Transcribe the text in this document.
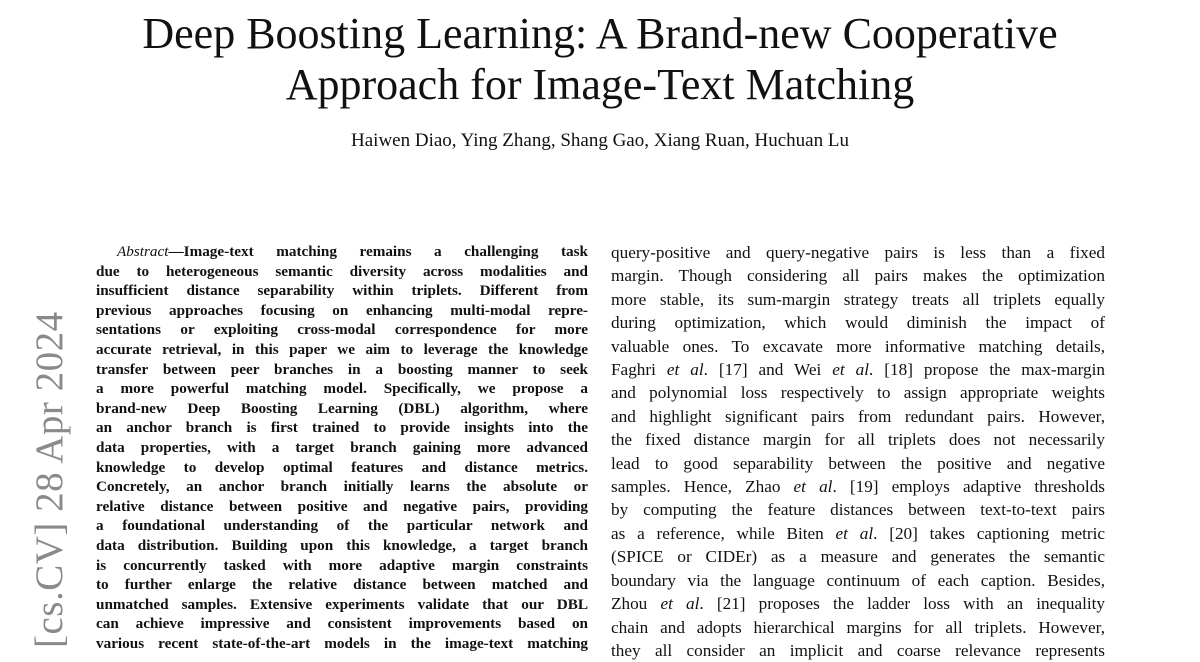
Deep Boosting Learning: A Brand-new Cooperative
Approach for Image-Text Matching
Haiwen Diao, Ying Zhang, Shang Gao, Xiang Ruan, Huchuan Lu
[cs.CV] 28 Apr 2024
Abstract—Image-text matching remains a challenging task
due to heterogeneous semantic diversity across modalities and
insufficient distance separability within triplets. Different from
previous approaches focusing on enhancing multi-modal repre-
sentations or exploiting cross-modal correspondence for more
accurate retrieval, in this paper we aim to leverage the knowledge
transfer between peer branches in a boosting manner to seek
a more powerful matching model. Specifically, we propose a
brand-new Deep Boosting Learning (DBL) algorithm, where
an anchor branch is first trained to provide insights into the
data properties, with a target branch gaining more advanced
knowledge to develop optimal features and distance metrics.
Concretely, an anchor branch initially learns the absolute or
relative distance between positive and negative pairs, providing
a foundational understanding of the particular network and
data distribution. Building upon this knowledge, a target branch
is concurrently tasked with more adaptive margin constraints
to further enlarge the relative distance between matched and
unmatched samples. Extensive experiments validate that our DBL
can achieve impressive and consistent improvements based on
various recent state-of-the-art models in the image-text matching
query-positive and query-negative pairs is less than a fixed
margin. Though considering all pairs makes the optimization
more stable, its sum-margin strategy treats all triplets equally
during optimization, which would diminish the impact of
valuable ones. To excavate more informative matching details,
Faghri et al. [17] and Wei et al. [18] propose the max-margin
and polynomial loss respectively to assign appropriate weights
and highlight significant pairs from redundant pairs. However,
the fixed distance margin for all triplets does not necessarily
lead to good separability between the positive and negative
samples. Hence, Zhao et al. [19] employs adaptive thresholds
by computing the feature distances between text-to-text pairs
as a reference, while Biten et al. [20] takes captioning metric
(SPICE or CIDEr) as a measure and generates the semantic
boundary via the language continuum of each caption. Besides,
Zhou et al. [21] proposes the ladder loss with an inequality
chain and adopts hierarchical margins for all triplets. However,
they all consider an implicit and coarse relevance represents
